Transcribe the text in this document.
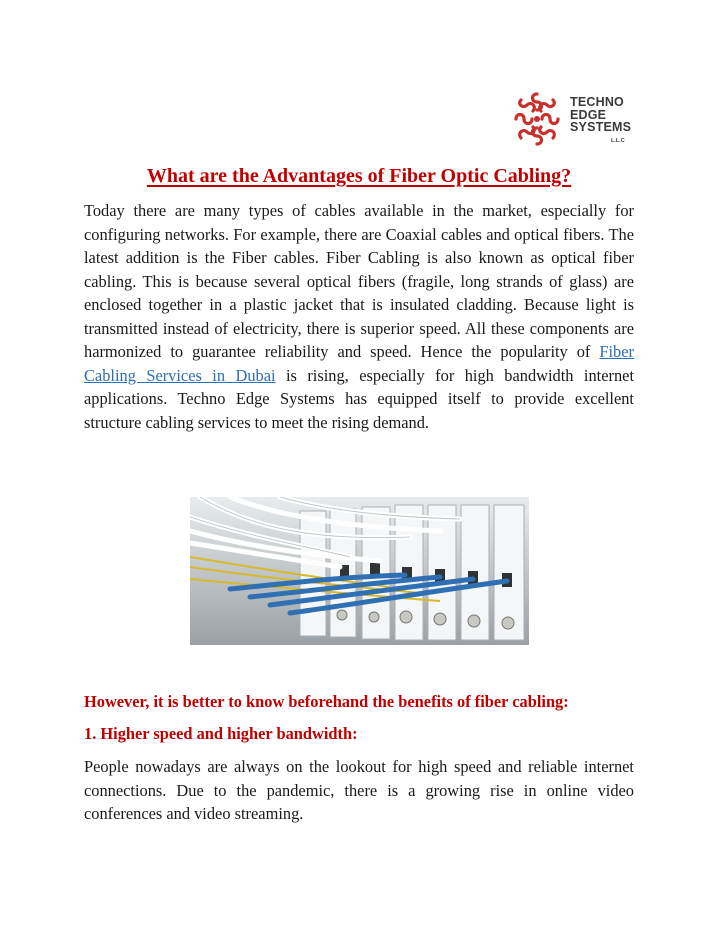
TECHNO
EDGE
SYSTEMS
L.L.C
What are the Advantages of Fiber Optic Cabling?

Today there are many types of cables available in the market, especially for configuring networks. For example, there are Coaxial cables and optical fibers. The latest addition is the Fiber cables. Fiber Cabling is also known as optical fiber cabling. This is because several optical fibers (fragile, long strands of glass) are enclosed together in a plastic jacket that is insulated cladding. Because light is transmitted instead of electricity, there is superior speed. All these components are harmonized to guarantee reliability and speed. Hence the popularity of Fiber Cabling Services in Dubai is rising, especially for high bandwidth internet applications. Techno Edge Systems has equipped itself to provide excellent structure cabling services to meet the rising demand.

However, it is better to know beforehand the benefits of fiber cabling:

1. Higher speed and higher bandwidth:

People nowadays are always on the lookout for high speed and reliable internet connections. Due to the pandemic, there is a growing rise in online video conferences and video streaming.
